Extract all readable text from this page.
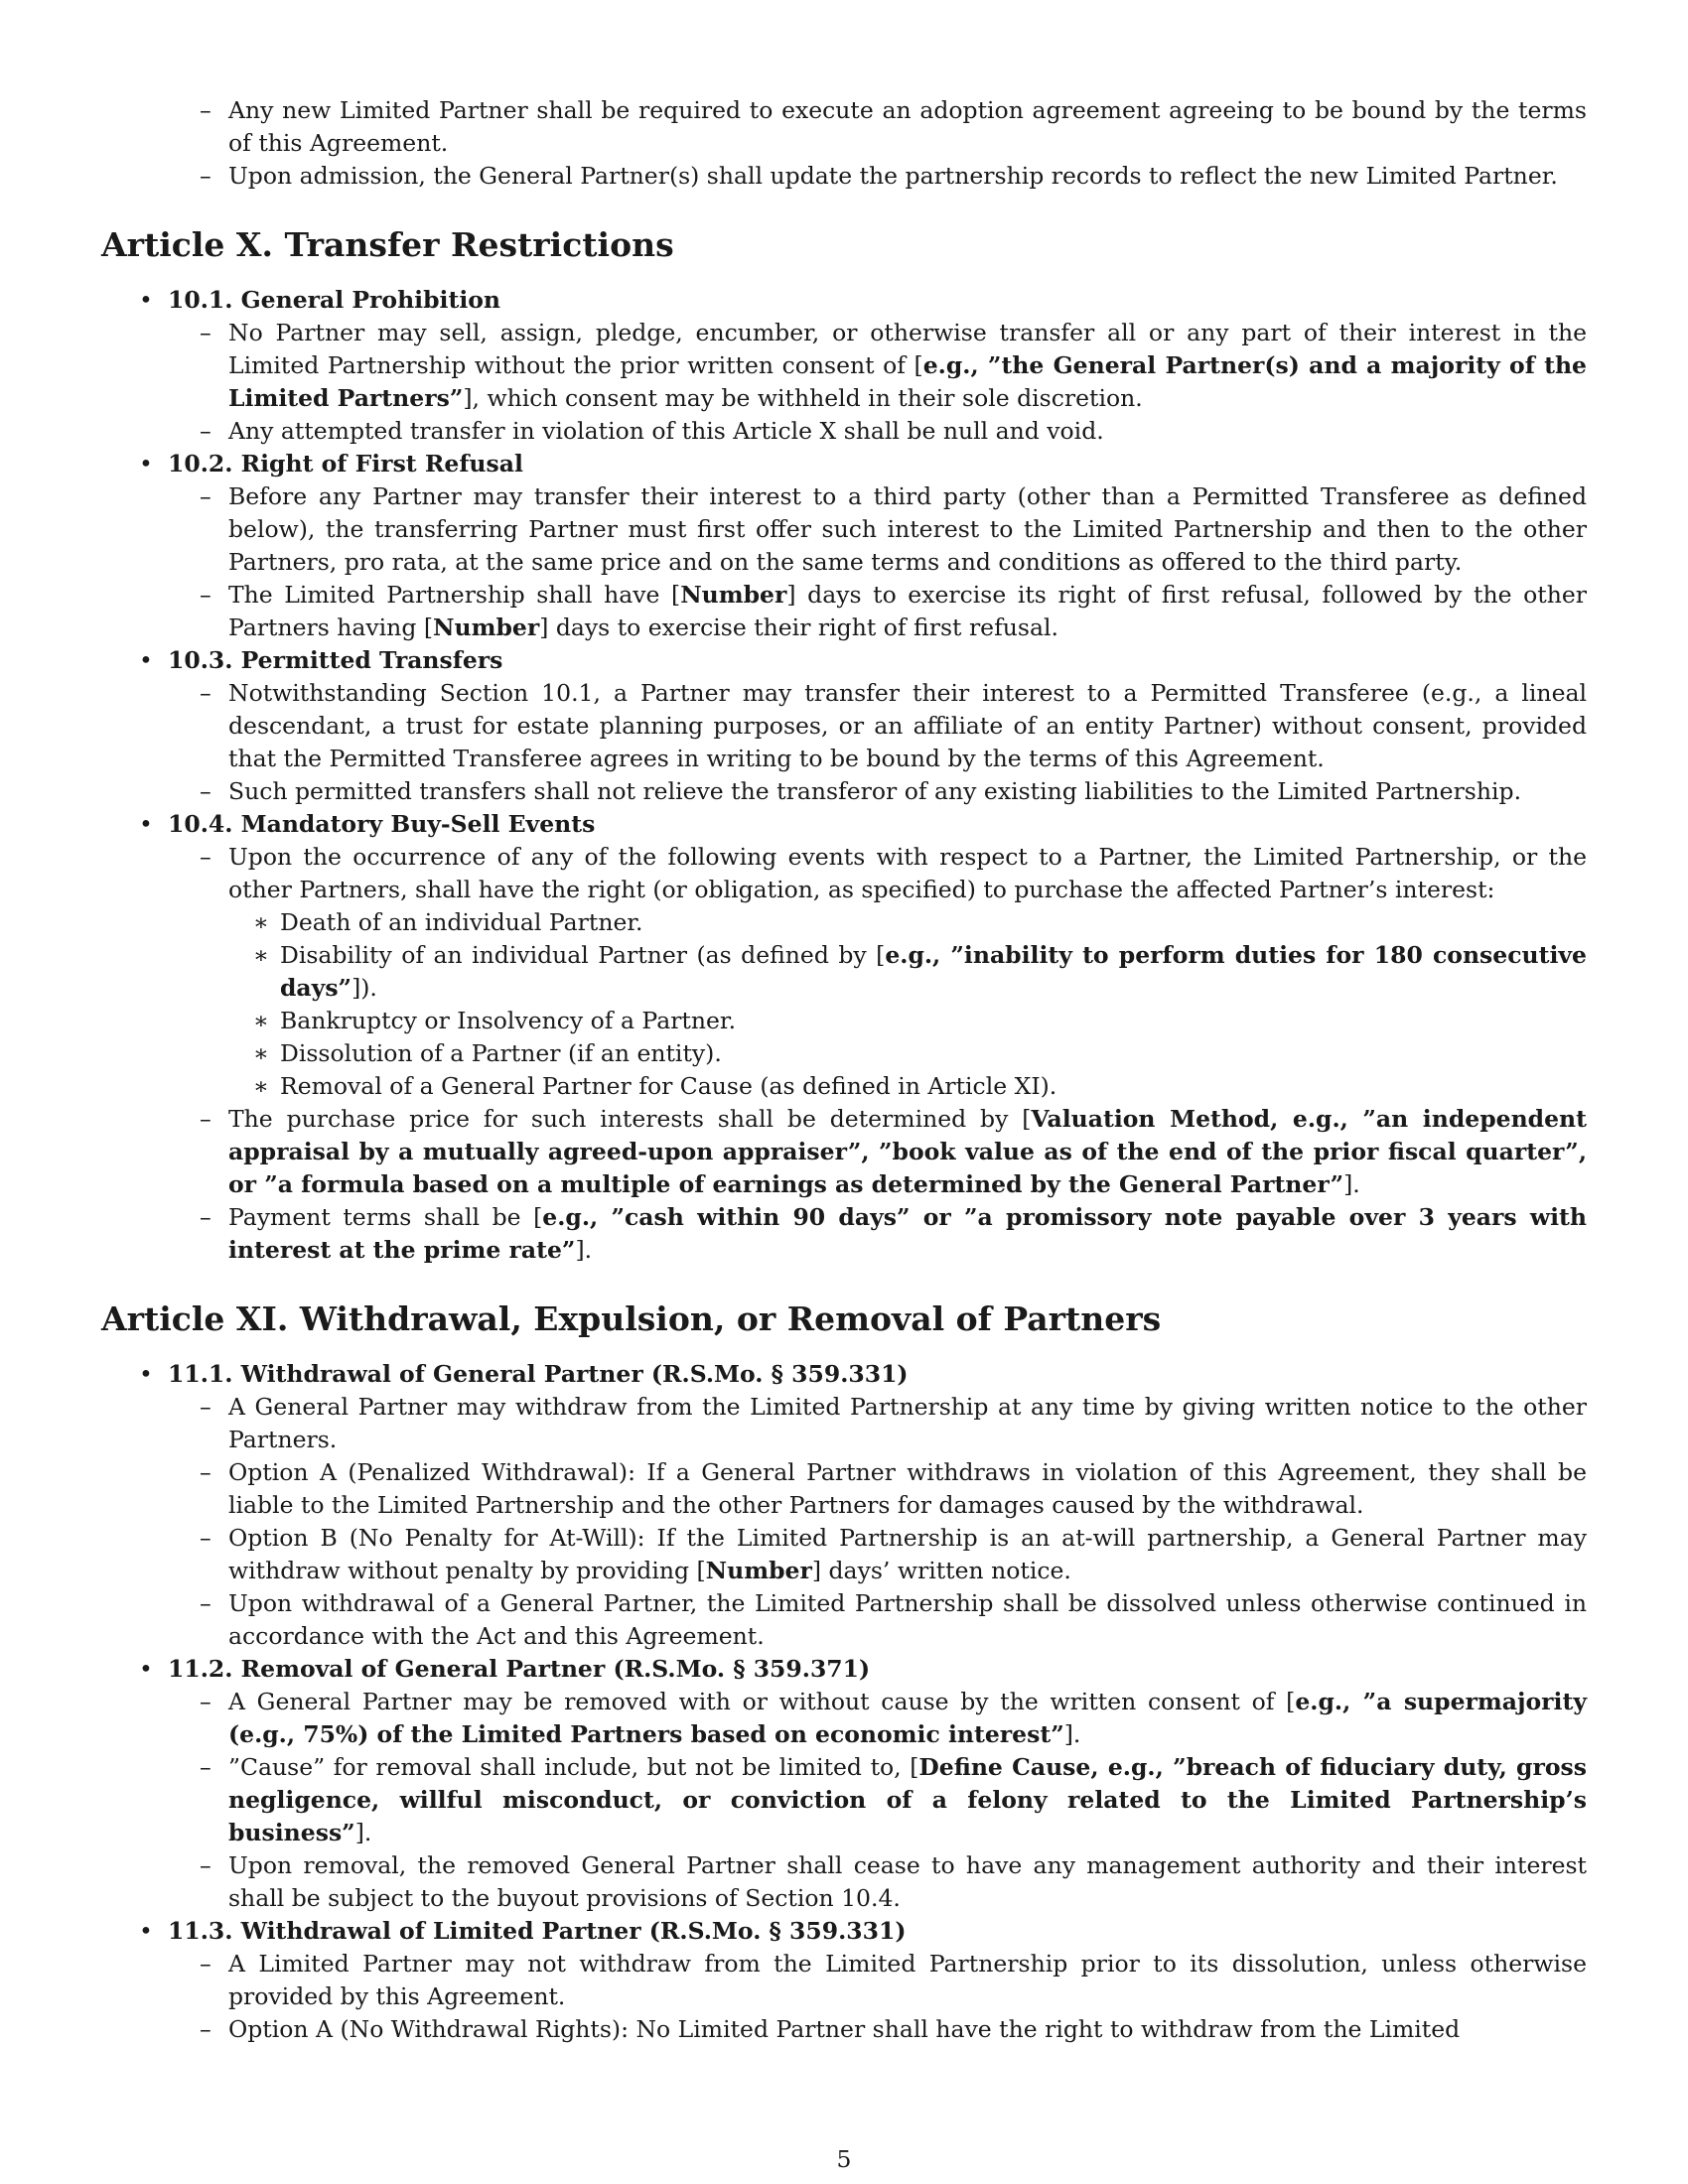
– Any new Limited Partner shall be required to execute an adoption agreement agreeing to be bound by the terms of this Agreement.

– Upon admission, the General Partner(s) shall update the partnership records to reflect the new Limited Partner.

Article X. Transfer Restrictions

• 10.1. General Prohibition

– No Partner may sell, assign, pledge, encumber, or otherwise transfer all or any part of their interest in the Limited Partnership without the prior written consent of [e.g., ”the General Partner(s) and a majority of the Limited Partners”], which consent may be withheld in their sole discretion.

– Any attempted transfer in violation of this Article X shall be null and void.

• 10.2. Right of First Refusal

– Before any Partner may transfer their interest to a third party (other than a Permitted Transferee as defined below), the transferring Partner must first offer such interest to the Limited Partnership and then to the other Partners, pro rata, at the same price and on the same terms and conditions as offered to the third party.

– The Limited Partnership shall have [Number] days to exercise its right of first refusal, followed by the other Partners having [Number] days to exercise their right of first refusal.

• 10.3. Permitted Transfers

– Notwithstanding Section 10.1, a Partner may transfer their interest to a Permitted Transferee (e.g., a lineal descendant, a trust for estate planning purposes, or an affiliate of an entity Partner) without consent, provided that the Permitted Transferee agrees in writing to be bound by the terms of this Agreement.

– Such permitted transfers shall not relieve the transferor of any existing liabilities to the Limited Partnership.

• 10.4. Mandatory Buy-Sell Events

– Upon the occurrence of any of the following events with respect to a Partner, the Limited Partnership, or the other Partners, shall have the right (or obligation, as specified) to purchase the affected Partner’s interest:

∗ Death of an individual Partner.

∗ Disability of an individual Partner (as defined by [e.g., ”inability to perform duties for 180 consecutive days”]).

∗ Bankruptcy or Insolvency of a Partner.

∗ Dissolution of a Partner (if an entity).

∗ Removal of a General Partner for Cause (as defined in Article XI).

– The purchase price for such interests shall be determined by [Valuation Method, e.g., ”an independent appraisal by a mutually agreed-upon appraiser”, ”book value as of the end of the prior fiscal quarter”, or ”a formula based on a multiple of earnings as determined by the General Partner”].

– Payment terms shall be [e.g., ”cash within 90 days” or ”a promissory note payable over 3 years with interest at the prime rate”].

Article XI. Withdrawal, Expulsion, or Removal of Partners

• 11.1. Withdrawal of General Partner (R.S.Mo. § 359.331)

– A General Partner may withdraw from the Limited Partnership at any time by giving written notice to the other Partners.

– Option A (Penalized Withdrawal): If a General Partner withdraws in violation of this Agreement, they shall be liable to the Limited Partnership and the other Partners for damages caused by the withdrawal.

– Option B (No Penalty for At-Will): If the Limited Partnership is an at-will partnership, a General Partner may withdraw without penalty by providing [Number] days’ written notice.

– Upon withdrawal of a General Partner, the Limited Partnership shall be dissolved unless otherwise continued in accordance with the Act and this Agreement.

• 11.2. Removal of General Partner (R.S.Mo. § 359.371)

– A General Partner may be removed with or without cause by the written consent of [e.g., ”a supermajority (e.g., 75%) of the Limited Partners based on economic interest”].

– ”Cause” for removal shall include, but not be limited to, [Define Cause, e.g., ”breach of fiduciary duty, gross negligence, willful misconduct, or conviction of a felony related to the Limited Partnership’s business”].

– Upon removal, the removed General Partner shall cease to have any management authority and their interest shall be subject to the buyout provisions of Section 10.4.

• 11.3. Withdrawal of Limited Partner (R.S.Mo. § 359.331)

– A Limited Partner may not withdraw from the Limited Partnership prior to its dissolution, unless otherwise provided by this Agreement.

– Option A (No Withdrawal Rights): No Limited Partner shall have the right to withdraw from the Limited

5
